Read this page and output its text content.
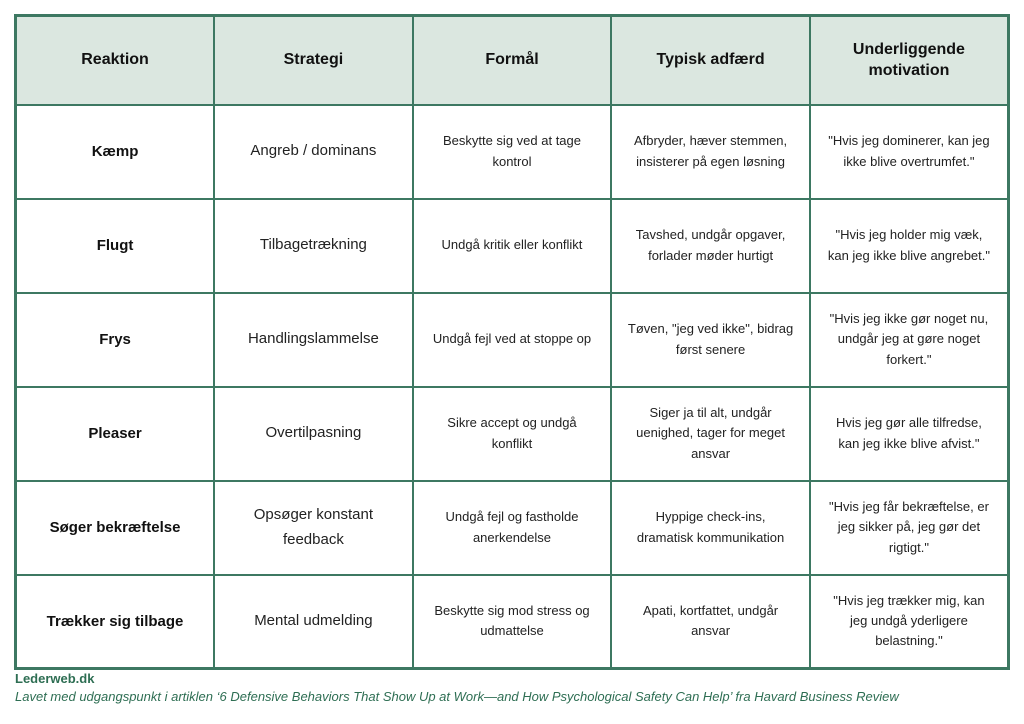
Reaktion	Strategi	Formål	Typisk adfærd	Underliggende motivation
Kæmp	Angreb / dominans	Beskytte sig ved at tage kontrol	Afbryder, hæver stemmen, insisterer på egen løsning	"Hvis jeg dominerer, kan jeg ikke blive overtrumfet."
Flugt	Tilbagetrækning	Undgå kritik eller konflikt	Tavshed, undgår opgaver, forlader møder hurtigt	"Hvis jeg holder mig væk, kan jeg ikke blive angrebet."
Frys	Handlingslammelse	Undgå fejl ved at stoppe op	Tøven, "jeg ved ikke", bidrag først senere	"Hvis jeg ikke gør noget nu, undgår jeg at gøre noget forkert."
Pleaser	Overtilpasning	Sikre accept og undgå konflikt	Siger ja til alt, undgår uenighed, tager for meget ansvar	Hvis jeg gør alle tilfredse, kan jeg ikke blive afvist."
Søger bekræftelse	Opsøger konstant feedback	Undgå fejl og fastholde anerkendelse	Hyppige check-ins, dramatisk kommunikation	"Hvis jeg får bekræftelse, er jeg sikker på, jeg gør det rigtigt."
Trækker sig tilbage	Mental udmelding	Beskytte sig mod stress og udmattelse	Apati, kortfattet, undgår ansvar	"Hvis jeg trækker mig, kan jeg undgå yderligere belastning."
Lederweb.dk
Lavet med udgangspunkt i artiklen ‘6 Defensive Behaviors That Show Up at Work—and How Psychological Safety Can Help’ fra Havard Business Review
